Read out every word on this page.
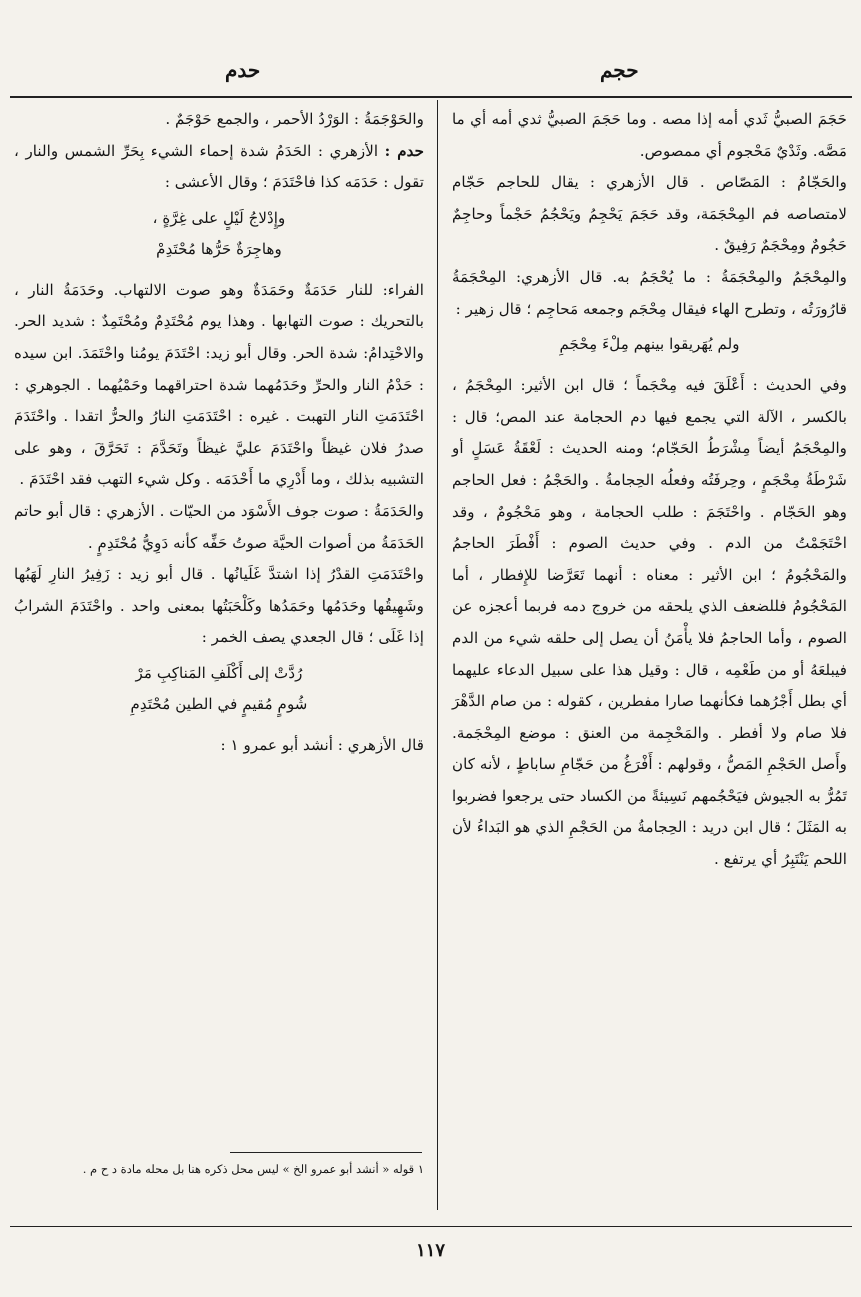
حجم
حدم

حَجَمَ الصبيُّ ثَدي أمه إذا مصه . وما حَجَمَ الصبيُّ ثدي أمه أي ما مَصَّه. وثَدْيٌ مَحْجوم أي ممصوص.

والحَجّامُ : المَصّاص . قال الأزهري : يقال للحاجم حَجّام لامتصاصه فم المِحْجَمَة، وقد حَجَمَ يَحْجِمُ ويَحْجُمُ حَجْماً وحاجِمٌ حَجُومٌ ومِحْجَمٌ رَفِيقٌ .

والمِحْجَمُ والمِحْجَمَةُ : ما يُحْجَمُ به. قال الأزهري: المِحْجَمَةُ قارُورَتُه ، وتطرح الهاء فيقال مِحْجَم وجمعه مَحاجِم ؛ قال زهير :

ولم يُهَريقوا بينهم مِلْءَ مِحْجَمِ

وفي الحديث : أَعْلَقَ فيه مِحْجَماً ؛ قال ابن الأثير: المِحْجَمُ ، بالكسر ، الآلة التي يجمع فيها دم الحجامة عند المص؛ قال : والمِحْجَمُ أيضاً مِشْرَطُ الحَجّام؛ ومنه الحديث : لَعْقَةُ عَسَلٍ أو شَرْطَةُ مِحْجَمٍ ، وحِرفَتُه وفعلُه الحِجامةُ . والحَجْمُ : فعل الحاجم وهو الحَجّام . واحْتَجَمَ : طلب الحجامة ، وهو مَحْجُومٌ ، وقد احْتَجَمْتُ من الدم . وفي حديث الصوم : أَفْطَرَ الحاجمُ والمَحْجُومُ ؛ ابن الأثير : معناه : أنهما تَعَرَّضا للإِفطار ، أما المَحْجُومُ فللضعف الذي يلحقه من خروج دمه فربما أعجزه عن الصوم ، وأما الحاجمُ فلا يأْمَنُ أن يصل إلى حلقه شيء من الدم فيبلعَهُ أو من طَعْمِه ، قال : وقيل هذا على سبيل الدعاء عليهما أي بطل أَجْرُهما فكأنهما صارا مفطرين ، كقوله : من صام الدَّهْرَ فلا صام ولا أفطر . والمَحْجِمة من العنق : موضع المِحْجَمة. وأَصل الحَجْمِ المَصُّ ، وقولهم : أَفْرَغُ من حَجّامِ ساباطٍ ، لأنه كان تَمُرُّ به الجيوش فيَحْجُمهم نَسِيئةً من الكساد حتى يرجعوا فضربوا به المَثَلَ ؛ قال ابن دريد : الحِجامةُ من الحَجْمِ الذي هو البَداءُ لأن اللحم يَنْتَبِرُ أي يرتفع .

والحَوْجَمَةُ : الوَرْدُ الأحمر ، والجمع حَوْجَمٌ .

حدم : الأزهري : الحَدَمُ شدة إحماء الشيء بِحَرِّ الشمس والنار ، تقول : حَدَمَه كذا فاحْتَدَمَ ؛ وقال الأعشى :

وإِدْلاجُ لَيْلٍ على غِرَّةٍ ،
وهاجِرَةٌ حَرُّها مُحْتَدِمْ

الفراء: للنار حَدَمَةٌ وحَمَدَةٌ وهو صوت الالتهاب. وحَدَمَةُ النار ، بالتحريك : صوت التهابها . وهذا يوم مُحْتَدِمٌ ومُحْتَمِدٌ : شديد الحر. والاحْتِدامُ: شدة الحر. وقال أبو زيد: احْتَدَمَ يومُنا واحْتَمَدَ. ابن سيده : حَدْمُ النار والحرِّ وحَدَمُهما شدة احتراقهما وحَمْيُهما . الجوهري : احْتَدَمَتِ النار التهبت . غيره : احْتَدَمَتِ النارُ والحرُّ اتقدا . واحْتَدَمَ صدرُ فلان غيظاً واحْتَدَمَ عليَّ غيظاً وتَحَدَّمَ : تَحَرَّقَ ، وهو على التشبيه بذلك ، وما أَدْرِي ما أَحْدَمَه . وكل شيء التهب فقد احْتَدَمَ .

والحَدَمَةُ : صوت جوف الأَسْوَد من الحيّات . الأزهري : قال أبو حاتم الحَدَمَةُ من أصوات الحيَّة صوتُ حَفِّه كأنه دَوِيُّ مُحْتَدِمٍ .

واحْتَدَمَتِ القدْرُ إذا اشتدَّ غَلَيانُها . قال أبو زيد : زَفِيرُ النارِ لَهَبُها وشَهِيقُها وحَدَمُها وحَمَدُها وكَلْحَبَتُها بمعنى واحد . واحْتَدَمَ الشرابُ إذا غَلَى ؛ قال الجعدي يصف الخمر :

رُدَّتْ إلى أَكْلَفِ المَناكِبِ مَرْ
شُومٍ مُقيمٍ في الطين مُحْتَدِمِ

قال الأزهري : أنشد أبو عمرو ١ :

١ قوله « أنشد أبو عمرو الخ » ليس محل ذكره هنا بل محله مادة د ح م .
١١٧
